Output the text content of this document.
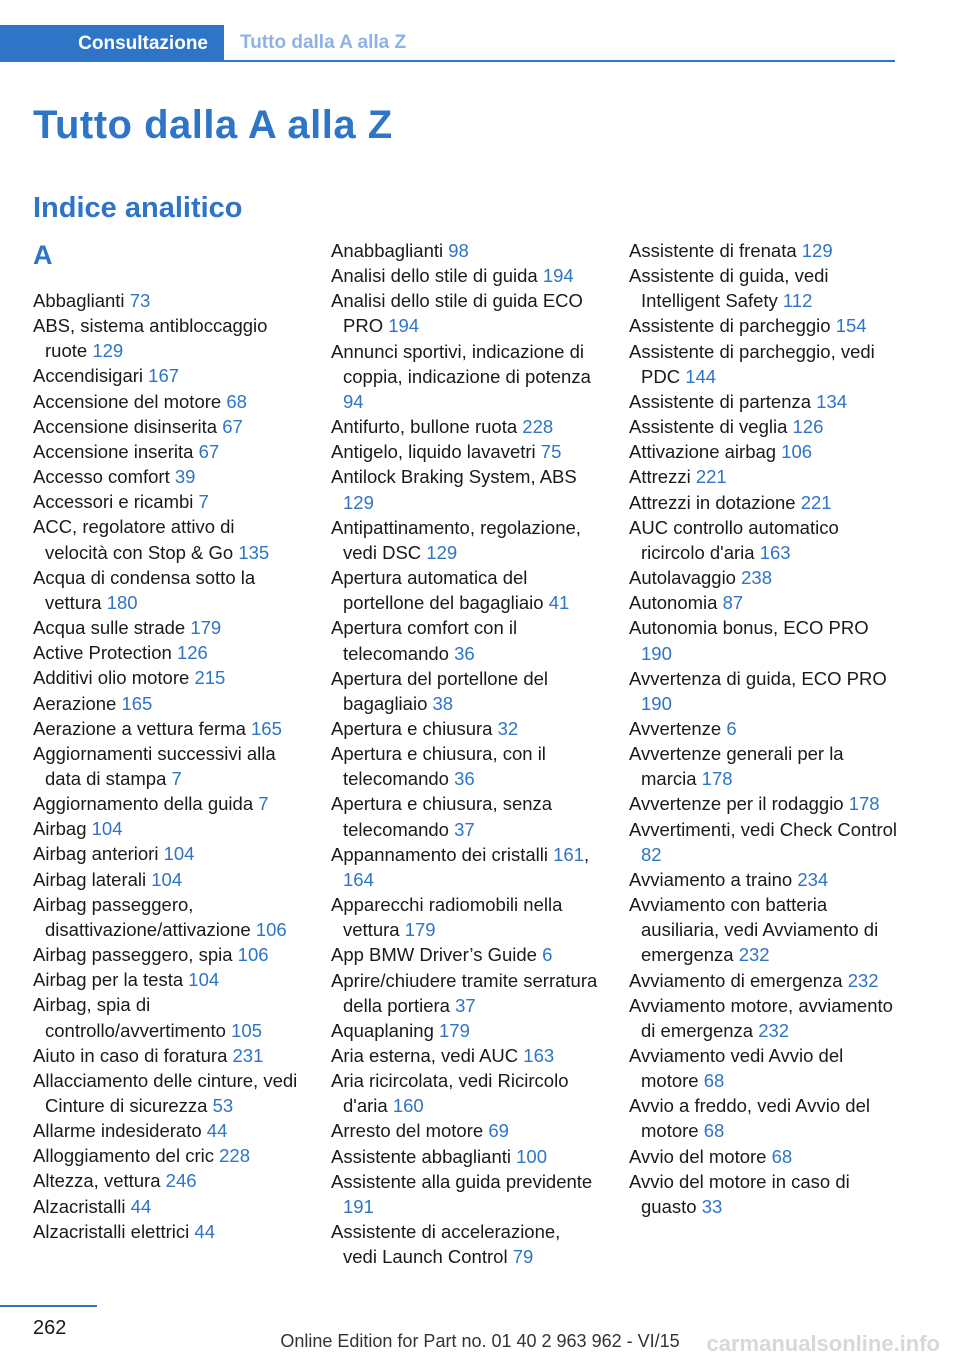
Consultazione	Tutto dalla A alla Z
Tutto dalla A alla Z
Indice analitico
A
Abbaglianti 73
ABS, sistema antibloccaggio ruote 129
Accendisigari 167
Accensione del motore 68
Accensione disinserita 67
Accensione inserita 67
Accesso comfort 39
Accessori e ricambi 7
ACC, regolatore attivo di velocità con Stop & Go 135
Acqua di condensa sotto la vettura 180
Acqua sulle strade 179
Active Protection 126
Additivi olio motore 215
Aerazione 165
Aerazione a vettura ferma 165
Aggiornamenti successivi alla data di stampa 7
Aggiornamento della guida 7
Airbag 104
Airbag anteriori 104
Airbag laterali 104
Airbag passeggero, disattivazione/attivazione 106
Airbag passeggero, spia 106
Airbag per la testa 104
Airbag, spia di controllo/avvertimento 105
Aiuto in caso di foratura 231
Allacciamento delle cinture, vedi Cinture di sicurezza 53
Allarme indesiderato 44
Alloggiamento del cric 228
Altezza, vettura 246
Alzacristalli 44
Alzacristalli elettrici 44
Anabbaglianti 98
Analisi dello stile di guida 194
Analisi dello stile di guida ECO PRO 194
Annunci sportivi, indicazione di coppia, indicazione di potenza 94
Antifurto, bullone ruota 228
Antigelo, liquido lavavetri 75
Antilock Braking System, ABS 129
Antipattinamento, regolazione, vedi DSC 129
Apertura automatica del portellone del bagagliaio 41
Apertura comfort con il telecomando 36
Apertura del portellone del bagagliaio 38
Apertura e chiusura 32
Apertura e chiusura, con il telecomando 36
Apertura e chiusura, senza telecomando 37
Appannamento dei cristalli 161, 164
Apparecchi radiomobili nella vettura 179
App BMW Driver’s Guide 6
Aprire/chiudere tramite serratura della portiera 37
Aquaplaning 179
Aria esterna, vedi AUC 163
Aria ricircolata, vedi Ricircolo d'aria 160
Arresto del motore 69
Assistente abbaglianti 100
Assistente alla guida previdente 191
Assistente di accelerazione, vedi Launch Control 79
Assistente di frenata 129
Assistente di guida, vedi Intelligent Safety 112
Assistente di parcheggio 154
Assistente di parcheggio, vedi PDC 144
Assistente di partenza 134
Assistente di veglia 126
Attivazione airbag 106
Attrezzi 221
Attrezzi in dotazione 221
AUC controllo automatico ricircolo d'aria 163
Autolavaggio 238
Autonomia 87
Autonomia bonus, ECO PRO 190
Avvertenza di guida, ECO PRO 190
Avvertenze 6
Avvertenze generali per la marcia 178
Avvertenze per il rodaggio 178
Avvertimenti, vedi Check Control 82
Avviamento a traino 234
Avviamento con batteria ausiliaria, vedi Avviamento di emergenza 232
Avviamento di emergenza 232
Avviamento motore, avviamento di emergenza 232
Avviamento vedi Avvio del motore 68
Avvio a freddo, vedi Avvio del motore 68
Avvio del motore 68
Avvio del motore in caso di guasto 33
262
Online Edition for Part no. 01 40 2 963 962 - VI/15	carmanualsonline.info
